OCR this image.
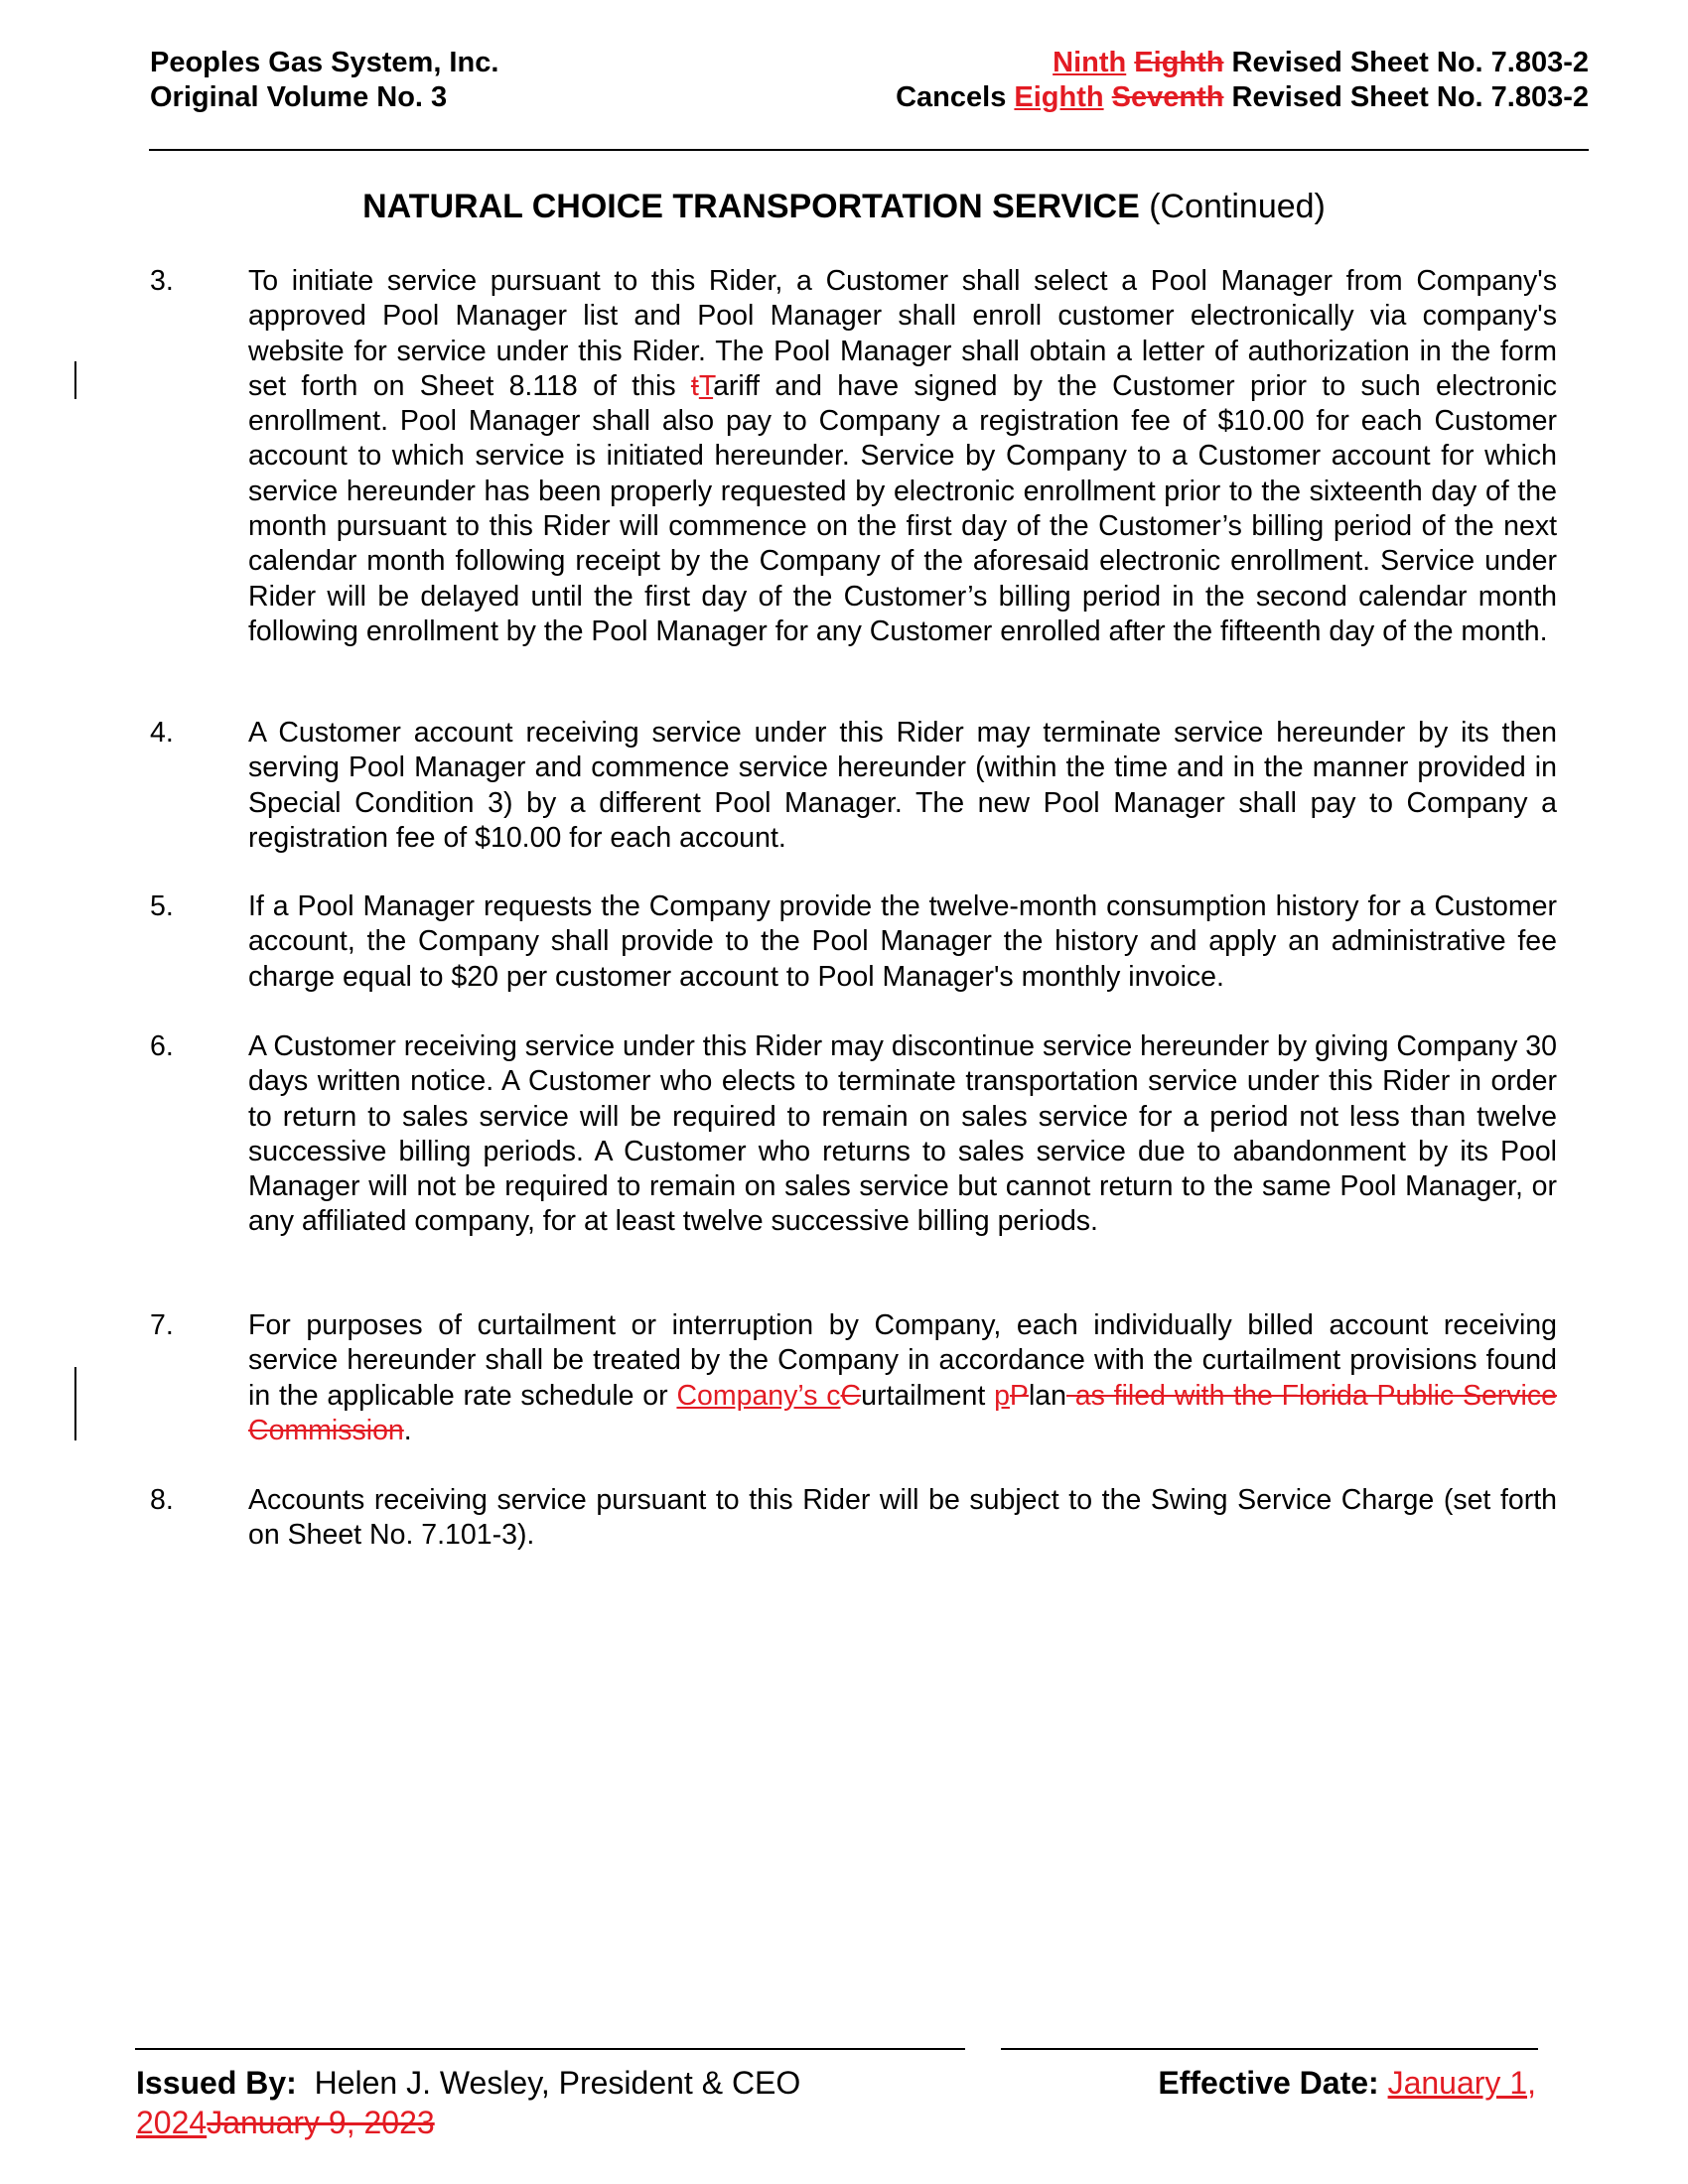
Peoples Gas System, Inc.
Original Volume No. 3
Ninth Eighth Revised Sheet No. 7.803-2
Cancels Eighth Seventh Revised Sheet No. 7.803-2
NATURAL CHOICE TRANSPORTATION SERVICE (Continued)
3.	To initiate service pursuant to this Rider, a Customer shall select a Pool Manager from Company's approved Pool Manager list and Pool Manager shall enroll customer electronically via company's website for service under this Rider. The Pool Manager shall obtain a letter of authorization in the form set forth on Sheet 8.118 of this tTariff and have signed by the Customer prior to such electronic enrollment. Pool Manager shall also pay to Company a registration fee of $10.00 for each Customer account to which service is initiated hereunder. Service by Company to a Customer account for which service hereunder has been properly requested by electronic enrollment prior to the sixteenth day of the month pursuant to this Rider will commence on the first day of the Customer’s billing period of the next calendar month following receipt by the Company of the aforesaid electronic enrollment. Service under Rider will be delayed until the first day of the Customer’s billing period in the second calendar month following enrollment by the Pool Manager for any Customer enrolled after the fifteenth day of the month.
4.	A Customer account receiving service under this Rider may terminate service hereunder by its then serving Pool Manager and commence service hereunder (within the time and in the manner provided in Special Condition 3) by a different Pool Manager. The new Pool Manager shall pay to Company a registration fee of $10.00 for each account.
5.	If a Pool Manager requests the Company provide the twelve-month consumption history for a Customer account, the Company shall provide to the Pool Manager the history and apply an administrative fee charge equal to $20 per customer account to Pool Manager's monthly invoice.
6.	A Customer receiving service under this Rider may discontinue service hereunder by giving Company 30 days written notice. A Customer who elects to terminate transportation service under this Rider in order to return to sales service will be required to remain on sales service for a period not less than twelve successive billing periods. A Customer who returns to sales service due to abandonment by its Pool Manager will not be required to remain on sales service but cannot return to the same Pool Manager, or any affiliated company, for at least twelve successive billing periods.
7.	For purposes of curtailment or interruption by Company, each individually billed account receiving service hereunder shall be treated by the Company in accordance with the curtailment provisions found in the applicable rate schedule or Company’s cCurtailment pPlan as filed with the Florida Public Service Commission.
8.	Accounts receiving service pursuant to this Rider will be subject to the Swing Service Charge (set forth on Sheet No. 7.101-3).
Effective Date: January 1,
Issued By:  Helen J. Wesley, President & CEO
2024January 9, 2023
